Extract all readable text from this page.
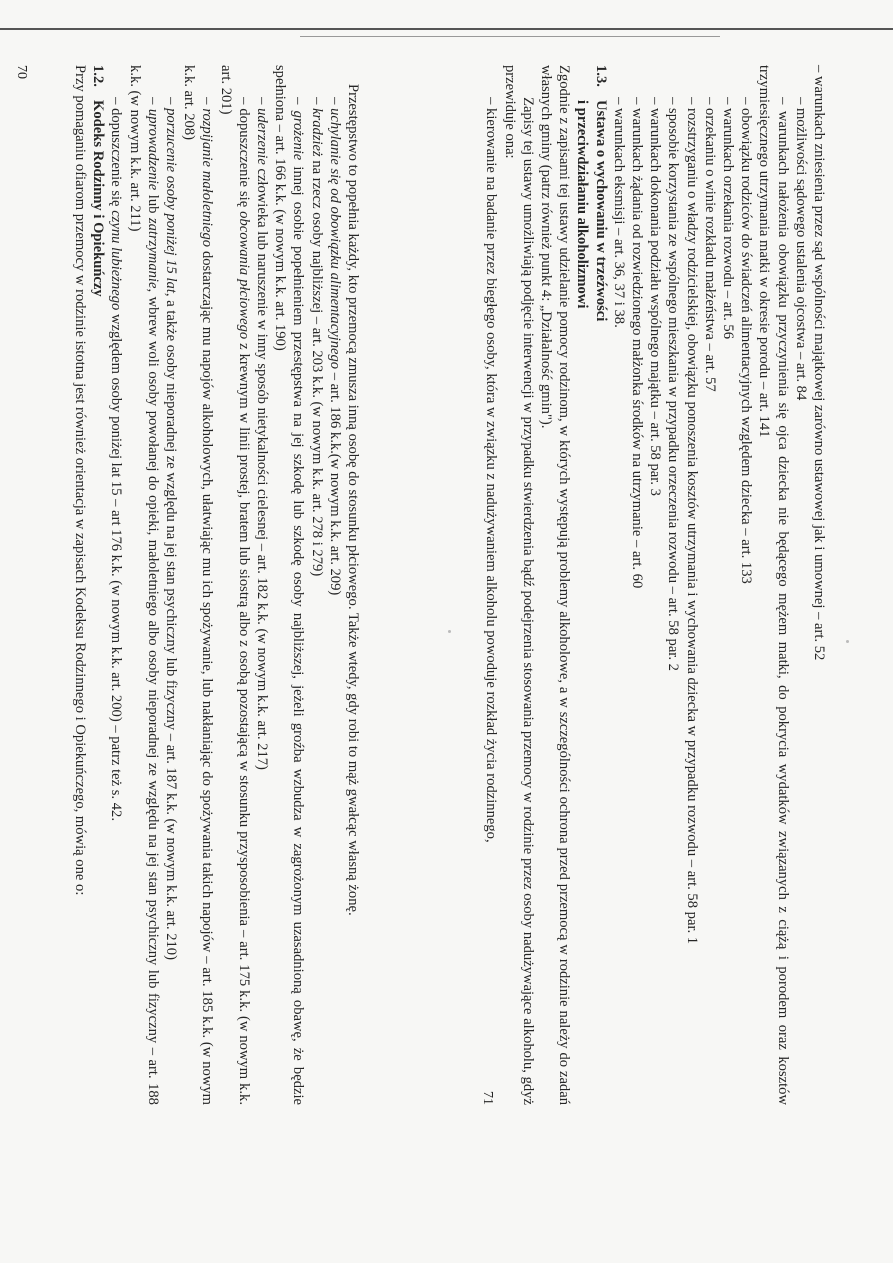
Przestępstwo to popełnia każdy, kto przemocą zmusza inną osobę do stosunku płciowego. Także wtedy, gdy robi to mąż gwałcąc własną żonę.

– uchylanie się od obowiązku alimentacyjnego – art. 186 k.k.(w nowym k.k. art. 209)

– kradzież na rzecz osoby najbliższej – art. 203 k.k. (w nowym k.k. art. 278 i 279)

– grożenie innej osobie popełnieniem przestępstwa na jej szkodę lub szkodę osoby najbliższej, jeżeli groźba wzbudza w zagrożonym uzasadnioną obawę, że będzie spełniona – art. 166 k.k. (w nowym k.k. art. 190)

– uderzenie człowieka lub naruszenie w inny sposób nietykalności cielesnej – art. 182 k.k. (w nowym k.k. art. 217)

– dopuszczenie się obcowania płciowego z krewnym w linii prostej, bratem lub siostrą albo z osobą pozostającą w stosunku przysposobienia – art. 175 k.k. (w nowym k.k. art. 201)

– rozpijanie małoletniego dostarczając mu napojów alkoholowych, ułatwiając mu ich spożywanie, lub nakłaniając do spożywania takich napojów – art. 185 k.k. (w nowym k.k. art. 208)

– porzucenie osoby poniżej 15 lat, a także osoby nieporadnej ze względu na jej stan psychiczny lub fizyczny – art. 187 k.k. (w nowym k.k. art. 210)

– uprowadzenie lub zatrzymanie, wbrew woli osoby powołanej do opieki, małoletniego albo osoby nieporadnej ze względu na jej stan psychiczny lub fizyczny – art. 188 k.k. (w nowym k.k. art. 211)

– dopuszczenie się czynu lubieżnego względem osoby poniżej lat 15 – art 176 k.k. (w nowym k.k. art. 200) – patrz też s. 42.

1.2.Kodeks Rodzinny i Opiekuńczy

Przy pomaganiu ofiarom przemocy w rodzinie istotna jest również orientacja w zapisach Kodeksu Rodzinnego i Opiekuńczego, mówią one o:

70	– warunkach zniesienia przez sąd wspólności majątkowej zarówno ustawowej jak i umownej – art. 52

– możliwości sądowego ustalenia ojcostwa – art. 84

– warunkach nałożenia obowiązku przyczynienia się ojca dziecka nie będącego mężem matki, do pokrycia wydatków związanych z ciążą i porodem oraz kosztów trzymiesięcznego utrzymania matki w okresie porodu – art. 141

– obowiązku rodziców do świadczeń alimentacyjnych względem dziecka – art. 133

– warunkach orzekania rozwodu – art. 56

– orzekaniu o winie rozkładu małżeństwa – art. 57

– rozstrzyganiu o władzy rodzicielskiej, obowiązku ponoszenia kosztów utrzymania i wychowania dziecka w przypadku rozwodu – art. 58 par. 1

– sposobie korzystania ze wspólnego mieszkania w przypadku orzeczenia rozwodu – art. 58 par. 2

– warunkach dokonania podziału wspólnego majątku – art. 58 par. 3

– warunkach żądania od rozwiedzionego małżonka środków na utrzymanie – art. 60

– warunkach eksmisji – art. 36, 37 i 38.

1.3.Ustawa o wychowaniu w trzeźwości
i przeciwdziałaniu alkoholizmowi

Zgodnie z zapisami tej ustawy udzielanie pomocy rodzinom, w których występują problemy alkoholowe, a w szczególności ochrona przed przemocą w rodzinie należy do zadań własnych gminy (patrz również punkt 4: „Działalność gmin").

Zapisy tej ustawy umożliwiają podjęcie interwencji w przypadku stwierdzenia bądź podejrzenia stosowania przemocy w rodzinie przez osoby nadużywające alkoholu, gdyż przewiduje ona:

– kierowanie na badanie przez biegłego osoby, która w związku z nadużywaniem alkoholu powoduje rozkład życia rodzinnego,

71
